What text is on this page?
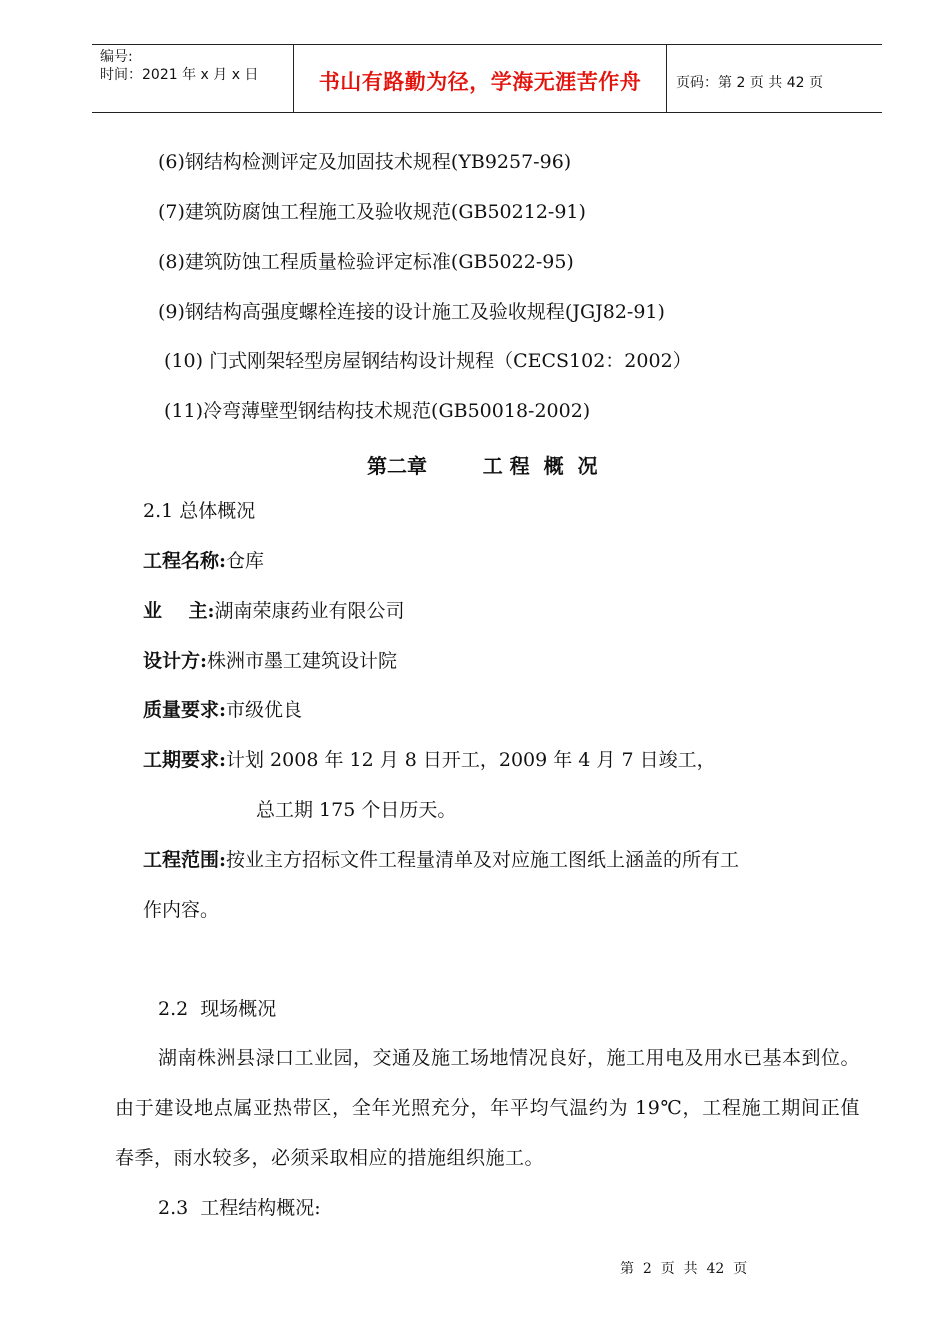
编号:
时间：2021 年 x 月 x 日	书山有路勤为径，学海无涯苦作舟	页码：第 2 页 共 42 页
(6)钢结构检测评定及加固技术规程(YB9257-96)
(7)建筑防腐蚀工程施工及验收规范(GB50212-91)
(8)建筑防蚀工程质量检验评定标准(GB5022-95)
(9)钢结构高强度螺栓连接的设计施工及验收规程(JGJ82-91)
(10) 门式刚架轻型房屋钢结构设计规程（CECS102：2002）
(11)冷弯薄壁型钢结构技术规范(GB50018-2002)
第二章        工 程  概  况
2.1 总体概况
工程名称:仓库
业    主:湖南荣康药业有限公司
设计方:株洲市墨工建筑设计院
质量要求:市级优良
工期要求:计划 2008 年 12 月 8 日开工，2009 年 4 月 7 日竣工，
总工期 175 个日历天。
工程范围:按业主方招标文件工程量清单及对应施工图纸上涵盖的所有工
作内容。
2.2  现场概况
湖南株洲县渌口工业园，交通及施工场地情况良好，施工用电及用水已基本到位。由于建设地点属亚热带区，全年光照充分，年平均气温约为 19℃，工程施工期间正值春季，雨水较多，必须采取相应的措施组织施工。
2.3  工程结构概况:
第  2  页  共  42  页
